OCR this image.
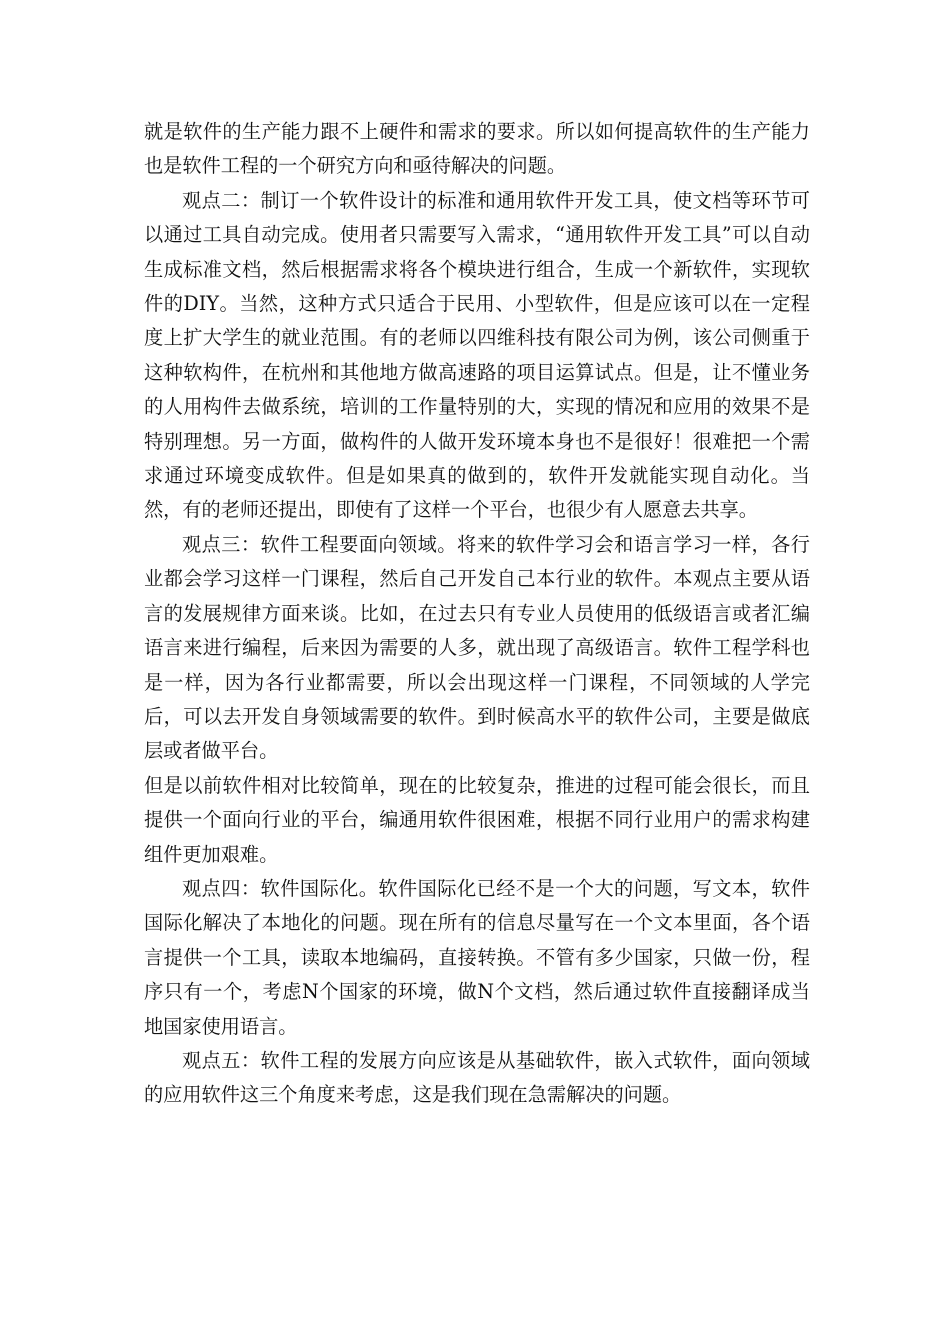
就是软件的生产能力跟不上硬件和需求的要求。所以如何提高软件的生产能力也是软件工程的一个研究方向和亟待解决的问题。

观点二：制订一个软件设计的标准和通用软件开发工具，使文档等环节可以通过工具自动完成。使用者只需要写入需求，“通用软件开发工具”可以自动生成标准文档，然后根据需求将各个模块进行组合，生成一个新软件，实现软件的DIY。当然，这种方式只适合于民用、小型软件，但是应该可以在一定程度上扩大学生的就业范围。有的老师以四维科技有限公司为例，该公司侧重于这种软构件，在杭州和其他地方做高速路的项目运算试点。但是，让不懂业务的人用构件去做系统，培训的工作量特别的大，实现的情况和应用的效果不是特别理想。另一方面，做构件的人做开发环境本身也不是很好！很难把一个需求通过环境变成软件。但是如果真的做到的，软件开发就能实现自动化。当然，有的老师还提出，即使有了这样一个平台，也很少有人愿意去共享。

观点三：软件工程要面向领域。将来的软件学习会和语言学习一样，各行业都会学习这样一门课程，然后自己开发自己本行业的软件。本观点主要从语言的发展规律方面来谈。比如，在过去只有专业人员使用的低级语言或者汇编语言来进行编程，后来因为需要的人多，就出现了高级语言。软件工程学科也是一样，因为各行业都需要，所以会出现这样一门课程，不同领域的人学完后，可以去开发自身领域需要的软件。到时候高水平的软件公司，主要是做底层或者做平台。

但是以前软件相对比较简单，现在的比较复杂，推进的过程可能会很长，而且提供一个面向行业的平台，编通用软件很困难，根据不同行业用户的需求构建组件更加艰难。

观点四：软件国际化。软件国际化已经不是一个大的问题，写文本，软件国际化解决了本地化的问题。现在所有的信息尽量写在一个文本里面，各个语言提供一个工具，读取本地编码，直接转换。不管有多少国家，只做一份，程序只有一个，考虑N个国家的环境，做N个文档，然后通过软件直接翻译成当地国家使用语言。

观点五：软件工程的发展方向应该是从基础软件，嵌入式软件，面向领域的应用软件这三个角度来考虑，这是我们现在急需解决的问题。
